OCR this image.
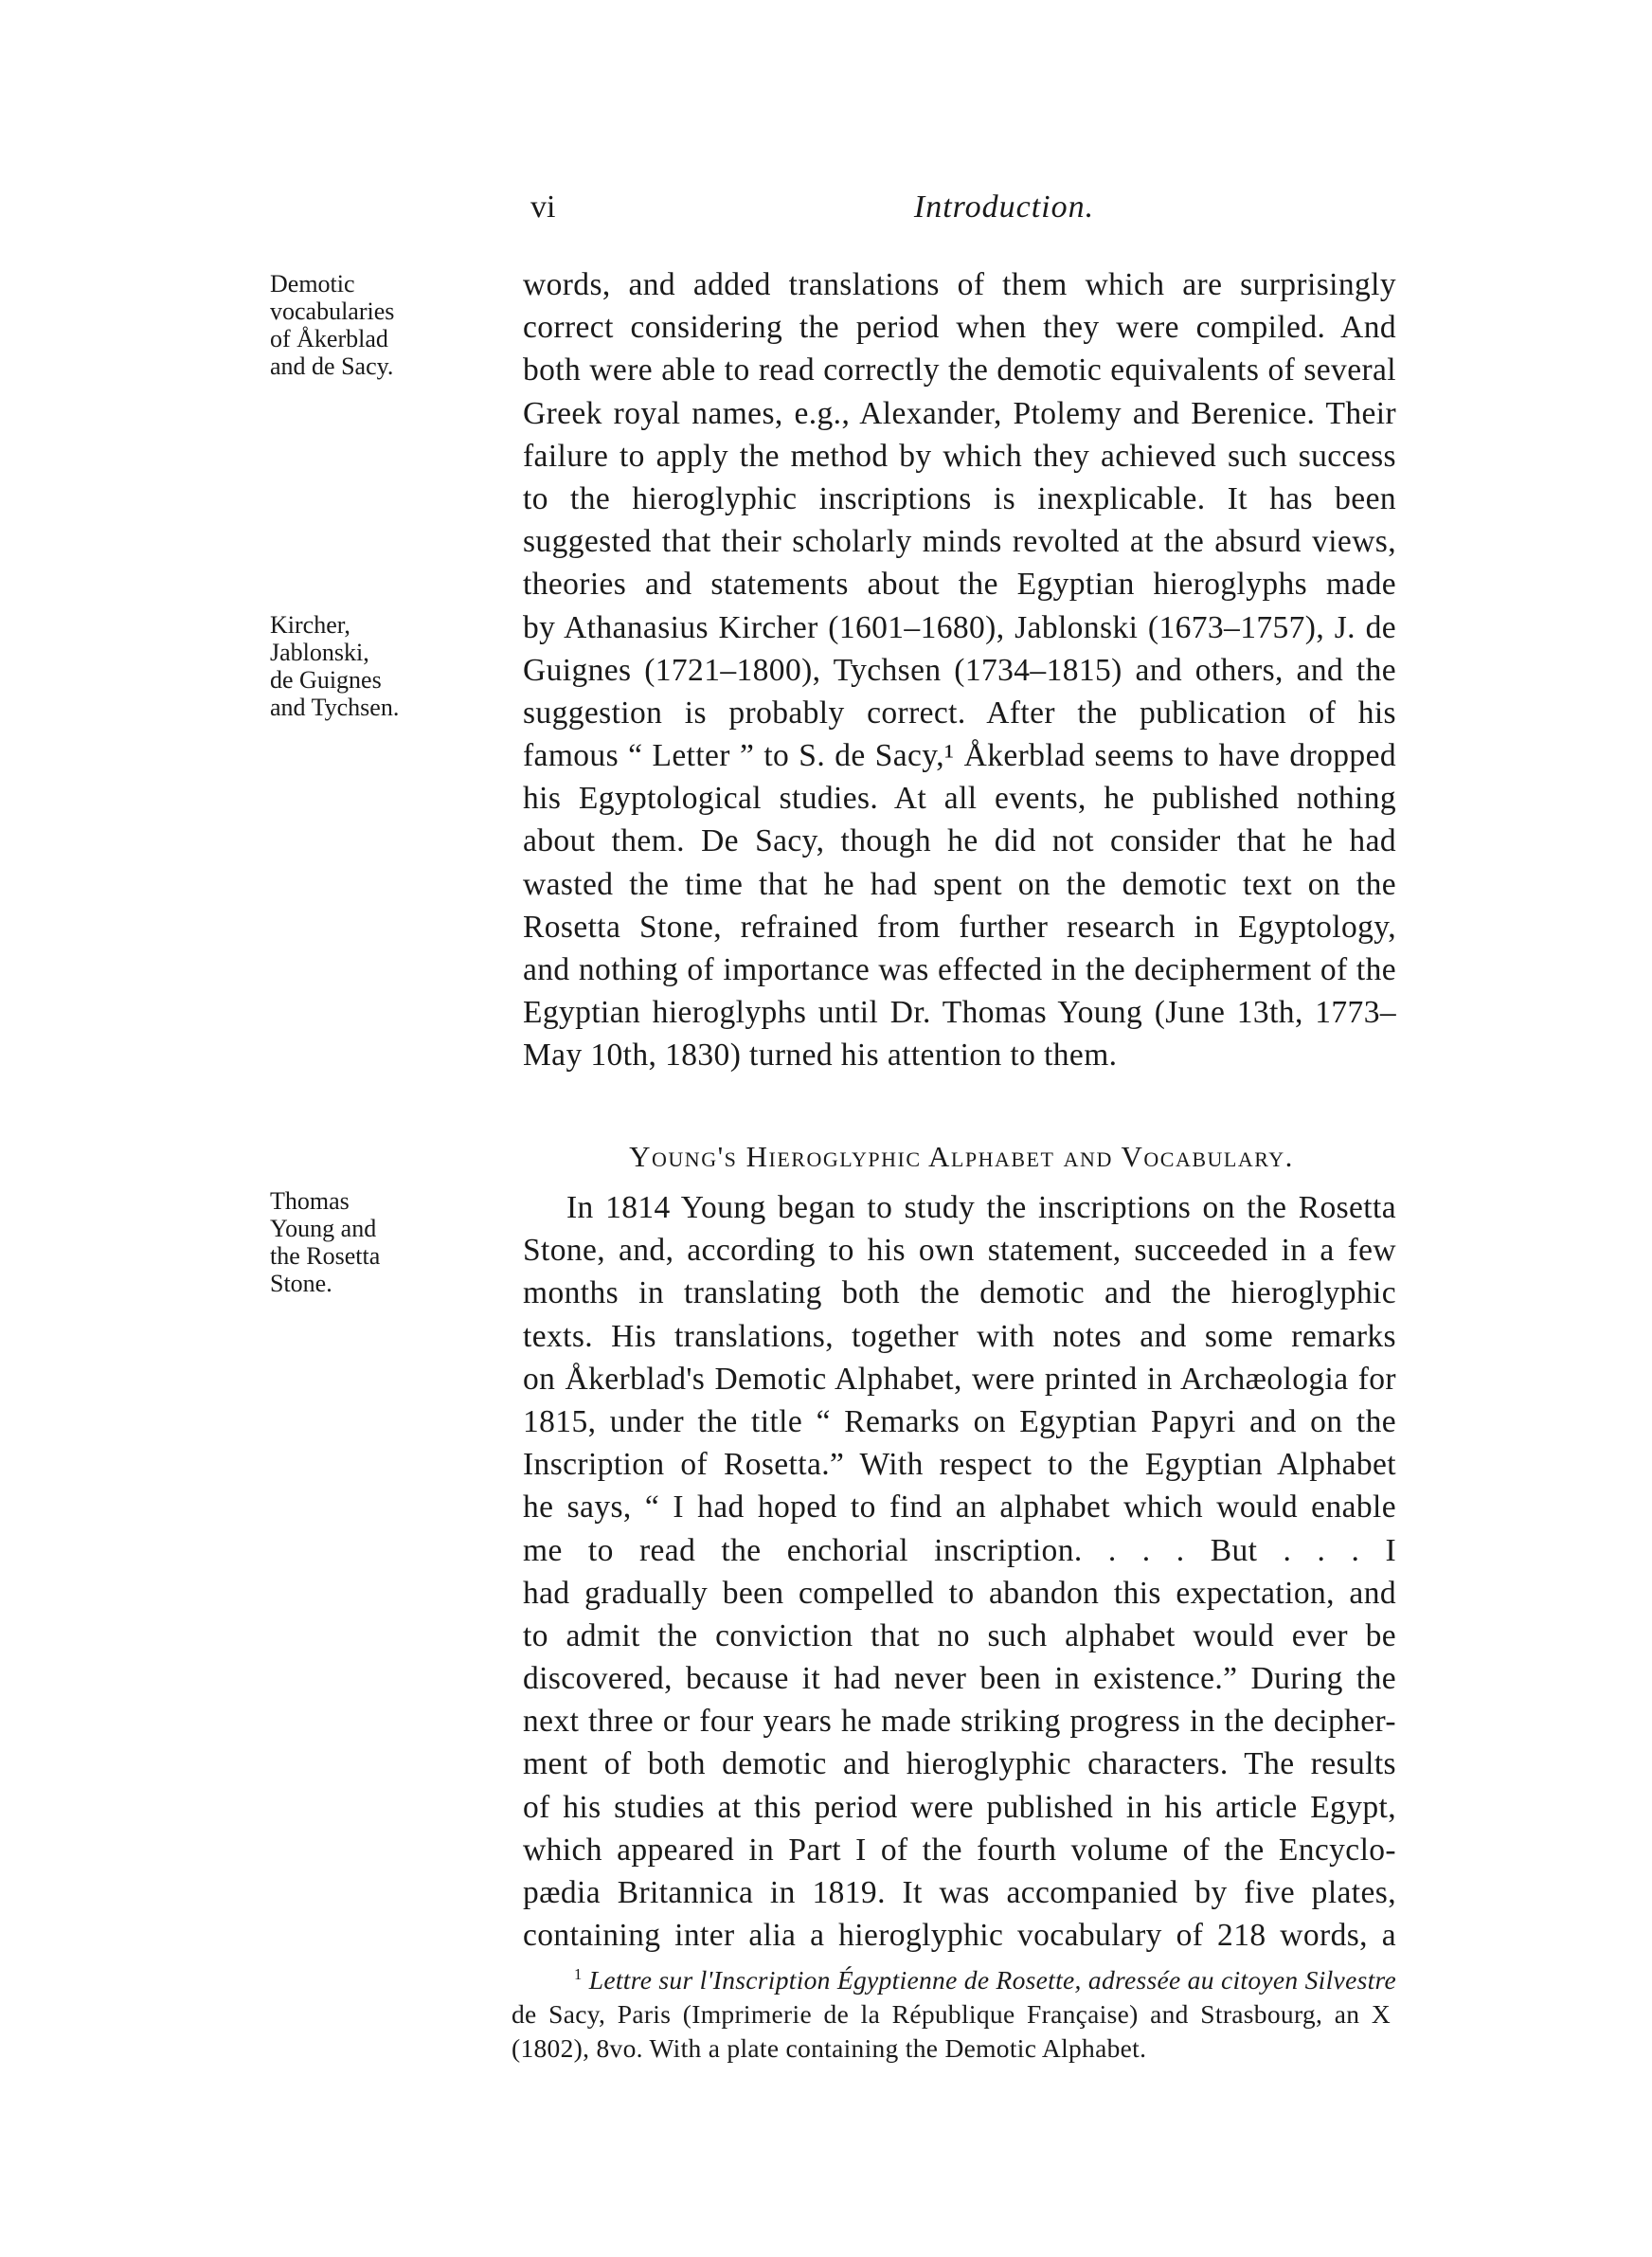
vi	Introduction.
Demotic
vocabularies
of Åkerblad
and de Sacy.
Kircher,
Jablonski,
de Guignes
and Tychsen.
Thomas
Young and
the Rosetta
Stone.
words, and added translations of them which are surprisingly
correct considering the period when they were compiled. And
both were able to read correctly the demotic equivalents of several
Greek royal names, e.g., Alexander, Ptolemy and Berenice. Their
failure to apply the method by which they achieved such success
to the hieroglyphic inscriptions is inexplicable. It has been
suggested that their scholarly minds revolted at the absurd views,
theories and statements about the Egyptian hieroglyphs made
by Athanasius Kircher (1601–1680), Jablonski (1673–1757), J. de
Guignes (1721–1800), Tychsen (1734–1815) and others, and the
suggestion is probably correct. After the publication of his
famous “ Letter ” to S. de Sacy,¹ Åkerblad seems to have dropped
his Egyptological studies. At all events, he published nothing
about them. De Sacy, though he did not consider that he had
wasted the time that he had spent on the demotic text on the
Rosetta Stone, refrained from further research in Egyptology,
and nothing of importance was effected in the decipherment of the
Egyptian hieroglyphs until Dr. Thomas Young (June 13th, 1773–
May 10th, 1830) turned his attention to them.
Young's Hieroglyphic Alphabet and Vocabulary.
In 1814 Young began to study the inscriptions on the Rosetta
Stone, and, according to his own statement, succeeded in a few
months in translating both the demotic and the hieroglyphic
texts. His translations, together with notes and some remarks
on Åkerblad's Demotic Alphabet, were printed in Archæologia for
1815, under the title “ Remarks on Egyptian Papyri and on the
Inscription of Rosetta.” With respect to the Egyptian Alphabet
he says, “ I had hoped to find an alphabet which would enable
me to read the enchorial inscription. . . . But . . . I
had gradually been compelled to abandon this expectation, and
to admit the conviction that no such alphabet would ever be
discovered, because it had never been in existence.” During the
next three or four years he made striking progress in the decipher-
ment of both demotic and hieroglyphic characters. The results
of his studies at this period were published in his article Egypt,
which appeared in Part I of the fourth volume of the Encyclo-
pædia Britannica in 1819. It was accompanied by five plates,
containing inter alia a hieroglyphic vocabulary of 218 words, a
$^1$ Lettre sur l'Inscription Égyptienne de Rosette, adressée au citoyen Silvestre
de Sacy, Paris (Imprimerie de la République Française) and Strasbourg, an X
(1802), 8vo. With a plate containing the Demotic Alphabet.
